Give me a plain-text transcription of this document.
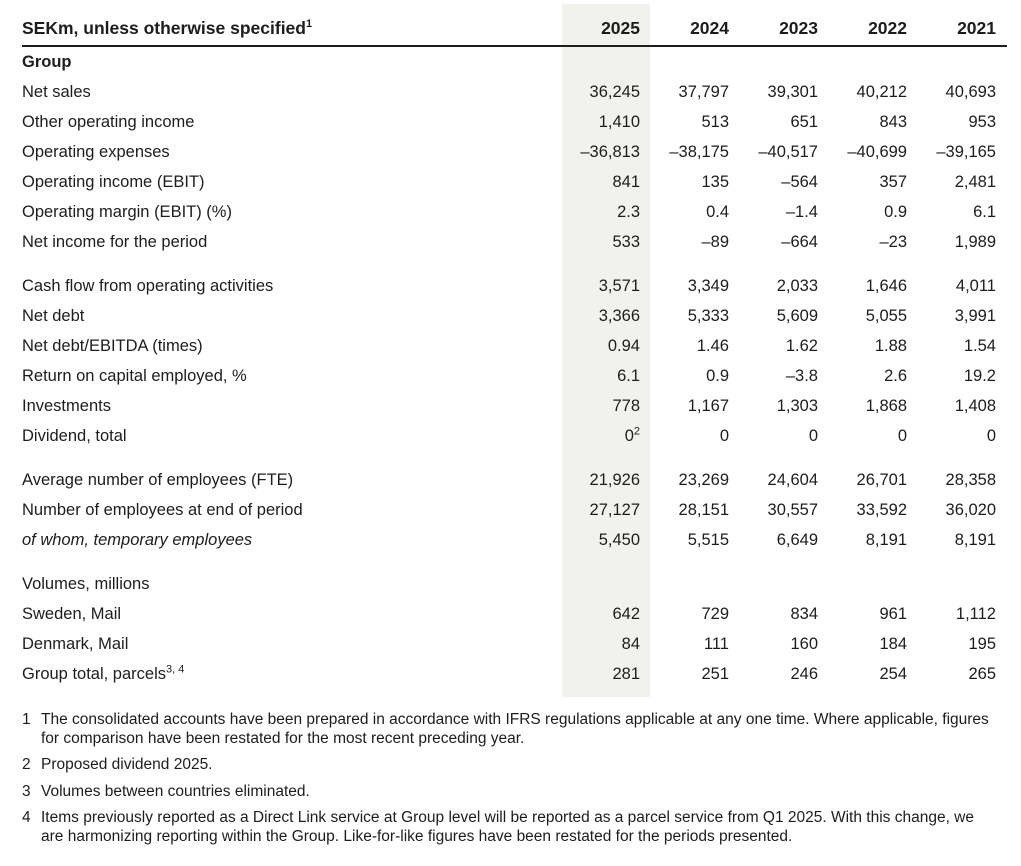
SEKm, unless otherwise specified$^1$	2025	2024	2023	2022	2021
Group					
Net sales	36,245	37,797	39,301	40,212	40,693
Other operating income	1,410	513	651	843	953
Operating expenses	–36,813	–38,175	–40,517	–40,699	–39,165
Operating income (EBIT)	841	135	–564	357	2,481
Operating margin (EBIT) (%)	2.3	0.4	–1.4	0.9	6.1
Net income for the period	533	–89	–664	–23	1,989

Cash flow from operating activities	3,571	3,349	2,033	1,646	4,011
Net debt	3,366	5,333	5,609	5,055	3,991
Net debt/EBITDA (times)	0.94	1.46	1.62	1.88	1.54
Return on capital employed, %	6.1	0.9	–3.8	2.6	19.2
Investments	778	1,167	1,303	1,868	1,408
Dividend, total	$0^2$	0	0	0	0

Average number of employees (FTE)	21,926	23,269	24,604	26,701	28,358
Number of employees at end of period	27,127	28,151	30,557	33,592	36,020
of whom, temporary employees	5,450	5,515	6,649	8,191	8,191

Volumes, millions					
Sweden, Mail	642	729	834	961	1,112
Denmark, Mail	84	111	160	184	195
Group total, parcels$^{3, 4}$	281	251	246	254	265
1 The consolidated accounts have been prepared in accordance with IFRS regulations applicable at any one time. Where applicable, figures for comparison have been restated for the most recent preceding year.
2 Proposed dividend 2025.
3 Volumes between countries eliminated.
4 Items previously reported as a Direct Link service at Group level will be reported as a parcel service from Q1 2025. With this change, we are harmonizing reporting within the Group. Like-for-like figures have been restated for the periods presented.
